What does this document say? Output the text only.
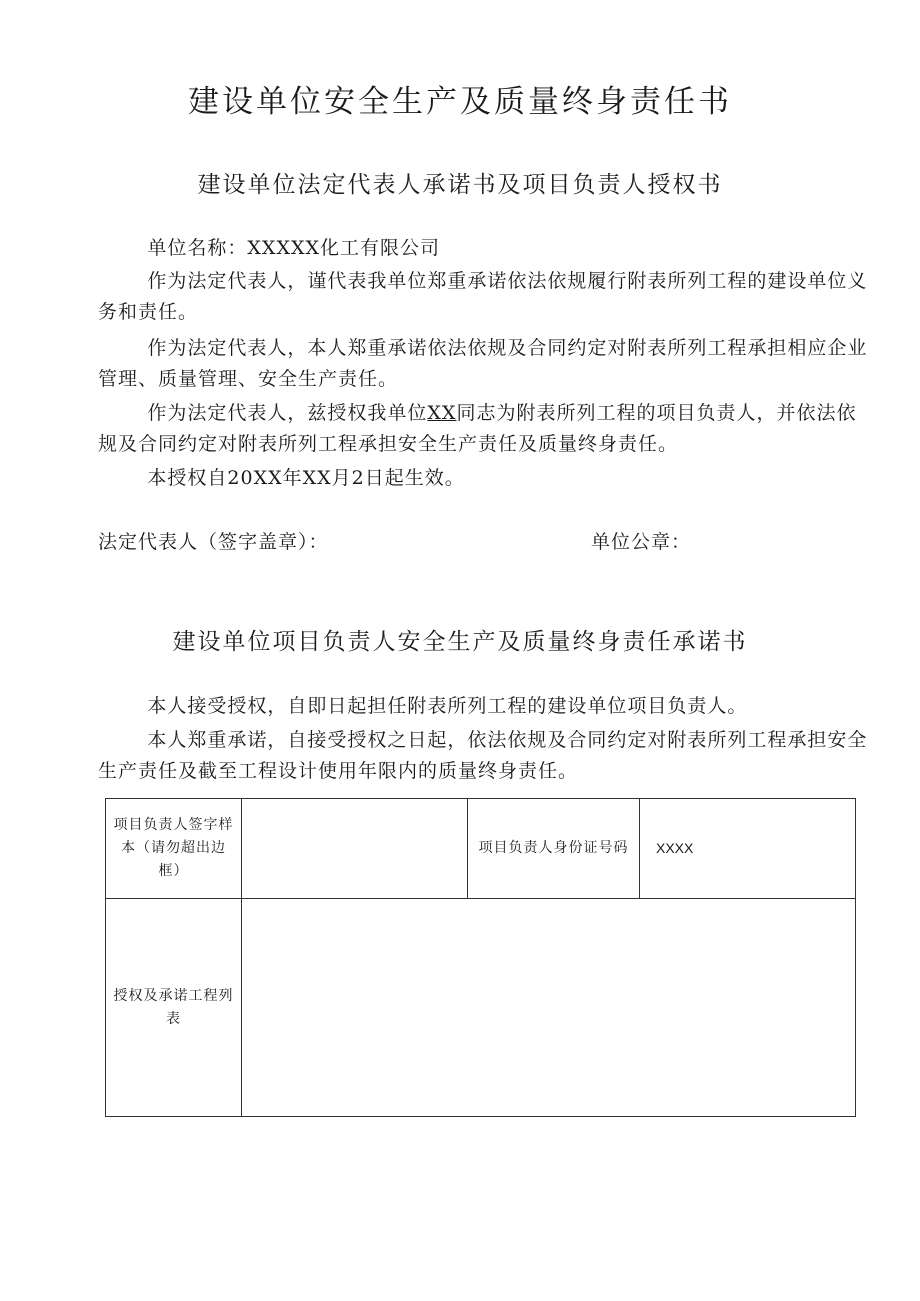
建设单位安全生产及质量终身责任书
建设单位法定代表人承诺书及项目负责人授权书
单位名称：XXXXX化工有限公司
作为法定代表人，谨代表我单位郑重承诺依法依规履行附表所列工程的建设单位义务和责任。
作为法定代表人，本人郑重承诺依法依规及合同约定对附表所列工程承担相应企业管理、质量管理、安全生产责任。
作为法定代表人，兹授权我单位XX同志为附表所列工程的项目负责人，并依法依规及合同约定对附表所列工程承担安全生产责任及质量终身责任。
本授权自20XX年XX月2日起生效。
法定代表人（签字盖章）：	单位公章：
建设单位项目负责人安全生产及质量终身责任承诺书
本人接受授权，自即日起担任附表所列工程的建设单位项目负责人。
本人郑重承诺，自接受授权之日起，依法依规及合同约定对附表所列工程承担安全生产责任及截至工程设计使用年限内的质量终身责任。
项目负责人签字样本（请勿超出边框）		项目负责人身份证号码	XXXX
授权及承诺工程列表			
